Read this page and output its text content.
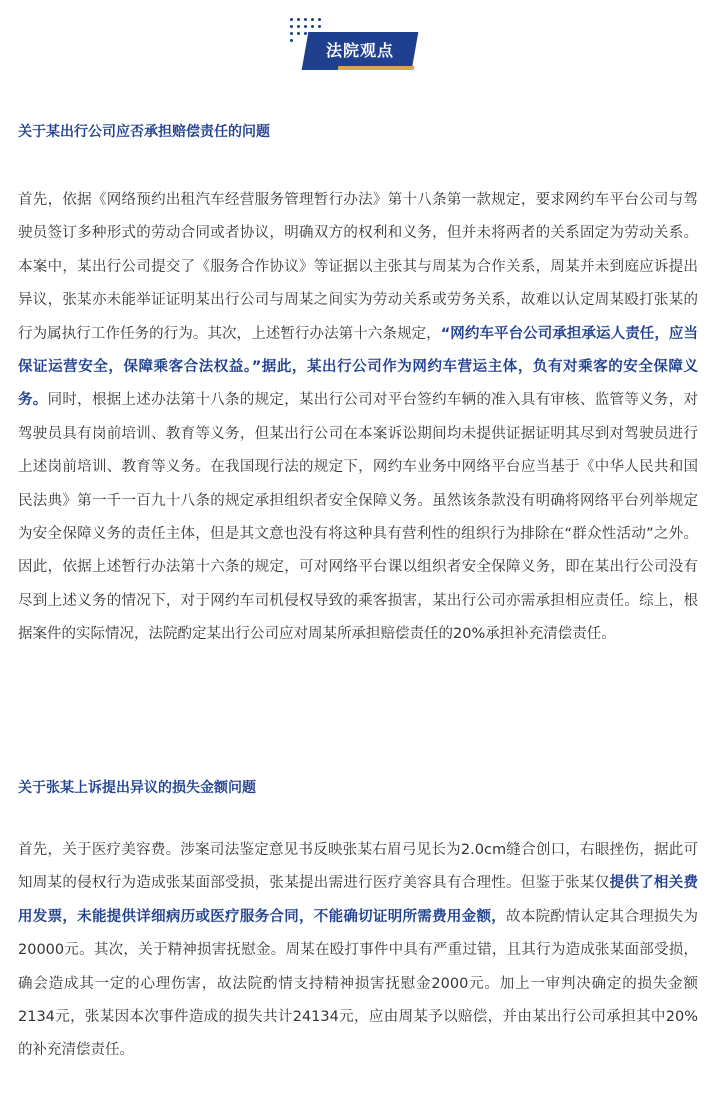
法院观点
关于某出行公司应否承担赔偿责任的问题
首先，依据《网络预约出租汽车经营服务管理暂行办法》第十八条第一款规定，要求网约车平台公司与驾驶员签订多种形式的劳动合同或者协议，明确双方的权利和义务，但并未将两者的关系固定为劳动关系。本案中，某出行公司提交了《服务合作协议》等证据以主张其与周某为合作关系，周某并未到庭应诉提出异议，张某亦未能举证证明某出行公司与周某之间实为劳动关系或劳务关系，故难以认定周某殴打张某的行为属执行工作任务的行为。其次，上述暂行办法第十六条规定，“网约车平台公司承担承运人责任，应当保证运营安全，保障乘客合法权益。”据此，某出行公司作为网约车营运主体，负有对乘客的安全保障义务。同时，根据上述办法第十八条的规定，某出行公司对平台签约车辆的准入具有审核、监管等义务，对驾驶员具有岗前培训、教育等义务，但某出行公司在本案诉讼期间均未提供证据证明其尽到对驾驶员进行上述岗前培训、教育等义务。在我国现行法的规定下，网约车业务中网络平台应当基于《中华人民共和国民法典》第一千一百九十八条的规定承担组织者安全保障义务。虽然该条款没有明确将网络平台列举规定为安全保障义务的责任主体，但是其文意也没有将这种具有营利性的组织行为排除在“群众性活动”之外。因此，依据上述暂行办法第十六条的规定，可对网络平台课以组织者安全保障义务，即在某出行公司没有尽到上述义务的情况下，对于网约车司机侵权导致的乘客损害，某出行公司亦需承担相应责任。综上，根据案件的实际情况，法院酌定某出行公司应对周某所承担赔偿责任的20%承担补充清偿责任。
关于张某上诉提出异议的损失金额问题
首先，关于医疗美容费。涉案司法鉴定意见书反映张某右眉弓见长为2.0cm缝合创口，右眼挫伤，据此可知周某的侵权行为造成张某面部受损，张某提出需进行医疗美容具有合理性。但鉴于张某仅提供了相关费用发票，未能提供详细病历或医疗服务合同，不能确切证明所需费用金额，故本院酌情认定其合理损失为20000元。其次，关于精神损害抚慰金。周某在殴打事件中具有严重过错，且其行为造成张某面部受损，确会造成其一定的心理伤害，故法院酌情支持精神损害抚慰金2000元。加上一审判决确定的损失金额2134元，张某因本次事件造成的损失共计24134元，应由周某予以赔偿，并由某出行公司承担其中20%的补充清偿责任。
